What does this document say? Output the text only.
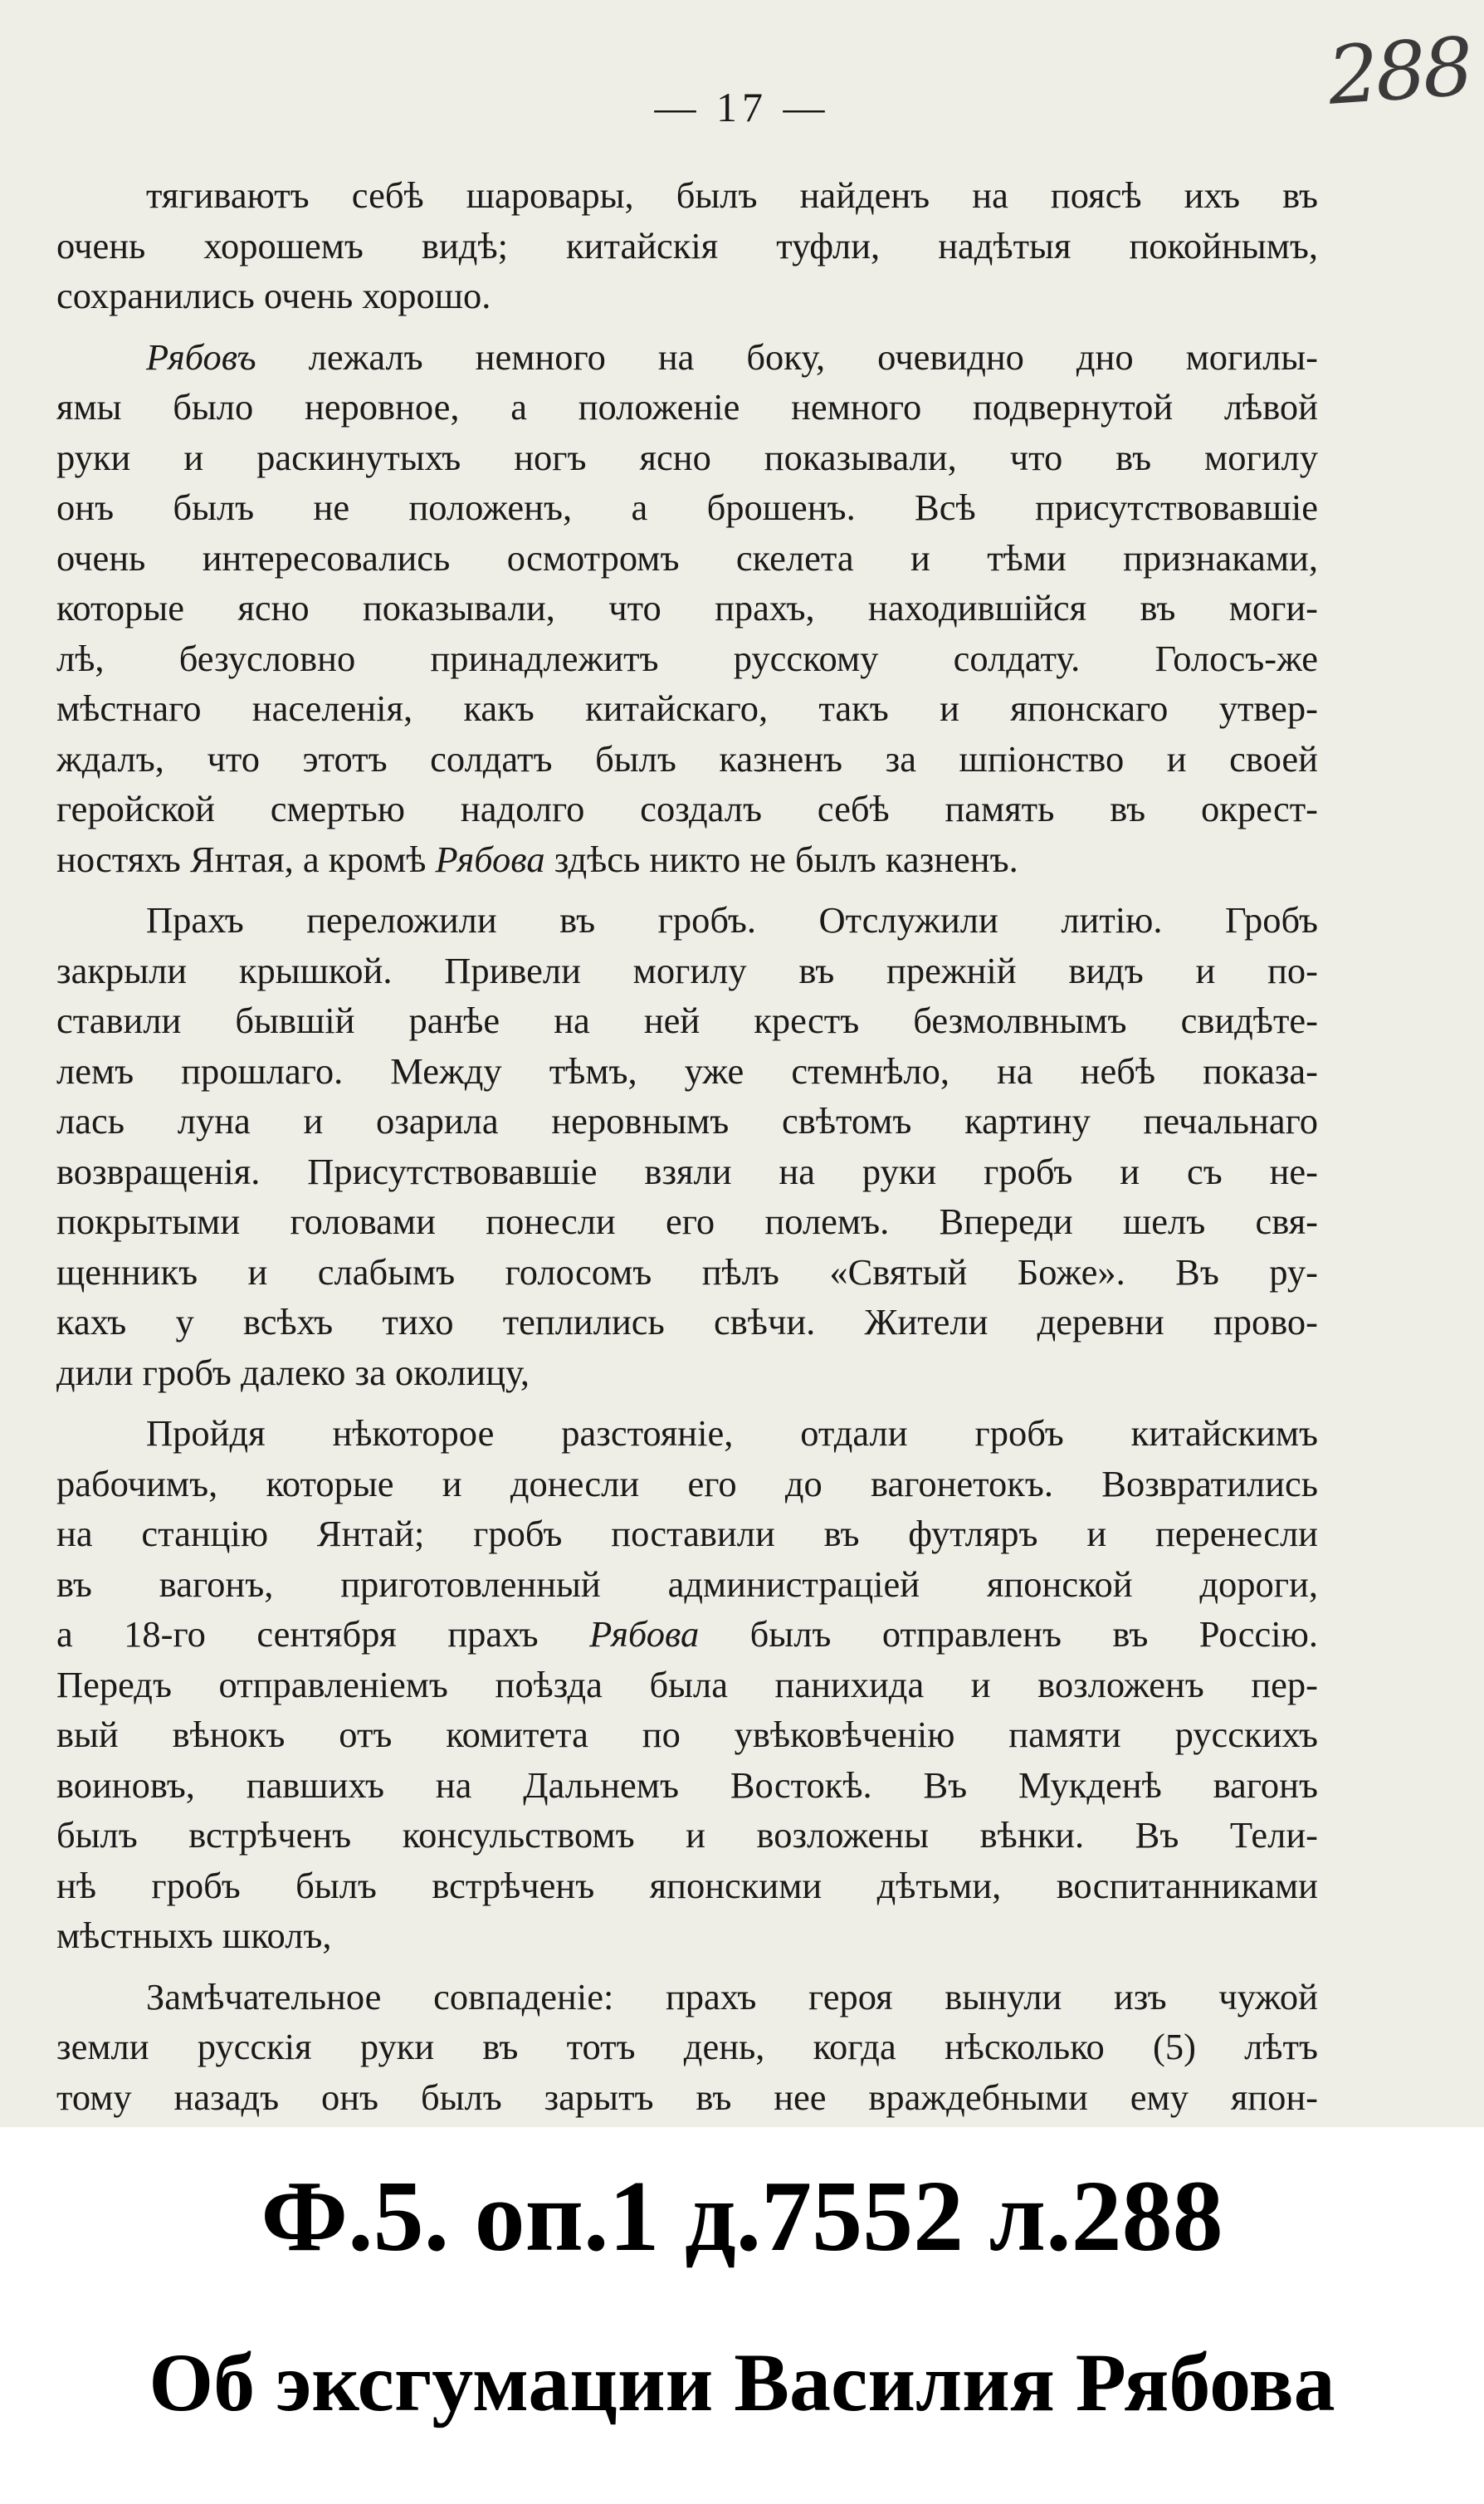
— 17 —	288
тягиваютъ себѣ шаровары, былъ найденъ на поясѣ ихъ въ
очень хорошемъ видѣ; китайскія туфли, надѣтыя покойнымъ,
сохранились очень хорошо.
Рябовъ лежалъ немного на боку, очевидно дно могилы-
ямы было неровное, а положеніе немного подвернутой лѣвой
руки и раскинутыхъ ногъ ясно показывали, что въ могилу
онъ былъ не положенъ, а брошенъ. Всѣ присутствовавшіе
очень интересовались осмотромъ скелета и тѣми признаками,
которые ясно показывали, что прахъ, находившійся въ моги-
лѣ, безусловно принадлежитъ русскому солдату. Голосъ-же
мѣстнаго населенія, какъ китайскаго, такъ и японскаго утвер-
ждалъ, что этотъ солдатъ былъ казненъ за шпіонство и своей
геройской смертью надолго создалъ себѣ память въ окрест-
ностяхъ Янтая, а кромѣ Рябова здѣсь никто не былъ казненъ.
Прахъ переложили въ гробъ. Отслужили литію. Гробъ
закрыли крышкой. Привели могилу въ прежній видъ и по-
ставили бывшій ранѣе на ней крестъ безмолвнымъ свидѣте-
лемъ прошлаго. Между тѣмъ, уже стемнѣло, на небѣ показа-
лась луна и озарила неровнымъ свѣтомъ картину печальнаго
возвращенія. Присутствовавшіе взяли на руки гробъ и съ не-
покрытыми головами понесли его полемъ. Впереди шелъ свя-
щенникъ и слабымъ голосомъ пѣлъ «Святый Боже». Въ ру-
кахъ у всѣхъ тихо теплились свѣчи. Жители деревни прово-
дили гробъ далеко за околицу,
Пройдя нѣкоторое разстояніе, отдали гробъ китайскимъ
рабочимъ, которые и донесли его до вагонетокъ. Возвратились
на станцію Янтай; гробъ поставили въ футляръ и перенесли
въ вагонъ, приготовленный администраціей японской дороги,
а 18-го сентября прахъ Рябова былъ отправленъ въ Россію.
Передъ отправленіемъ поѣзда была панихида и возложенъ пер-
вый вѣнокъ отъ комитета по увѣковѣченію памяти русскихъ
воиновъ, павшихъ на Дальнемъ Востокѣ. Въ Мукденѣ вагонъ
былъ встрѣченъ консульствомъ и возложены вѣнки. Въ Тели-
нѣ гробъ былъ встрѣченъ японскими дѣтьми, воспитанниками
мѣстныхъ школъ,
Замѣчательное совпаденіе: прахъ героя вынули изъ чужой
земли русскія руки въ тотъ день, когда нѣсколько (5) лѣтъ
тому назадъ онъ былъ зарытъ въ нее враждебными ему япон-
Ф.5. оп.1 д.7552 л.288
Об эксгумации Василия Рябова
